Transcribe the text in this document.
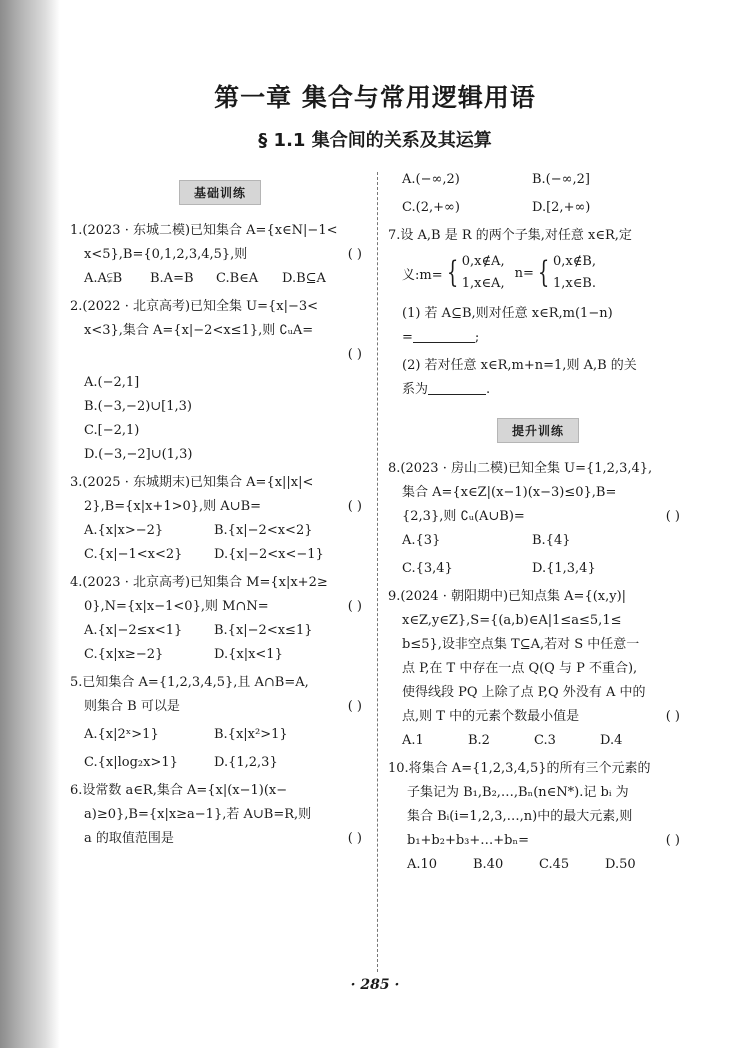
第一章 集合与常用逻辑用语
§ 1.1 集合间的关系及其运算
基础训练
1.(2023 · 东城二模)已知集合 A={x∈N|−1<
x<5},B={0,1,2,3,4,5},则	( )
A.A⫋B B.A=B C.B∈A D.B⊆A
2.(2022 · 北京高考)已知全集 U={x|−3<
x<3},集合 A={x|−2<x≤1},则 ∁ᵤA=
( )
A.(−2,1]
B.(−3,−2)∪[1,3)
C.[−2,1)
D.(−3,−2]∪(1,3)
3.(2025 · 东城期末)已知集合 A={x||x|<
2},B={x|x+1>0},则 A∪B=	( )
A.{x|x>−2}	B.{x|−2<x<2}
C.{x|−1<x<2} D.{x|−2<x<−1}
4.(2023 · 北京高考)已知集合 M={x|x+2≥
0},N={x|x−1<0},则 M∩N=	( )
A.{x|−2≤x<1} B.{x|−2<x≤1}
C.{x|x≥−2}	D.{x|x<1}
5.已知集合 A={1,2,3,4,5},且 A∩B=A,
则集合 B 可以是	( )
A.{x|2ˣ>1}	B.{x|x²>1}
C.{x|log₂x>1}	D.{1,2,3}
6.设常数 a∈R,集合 A={x|(x−1)(x−
a)≥0},B={x|x≥a−1},若 A∪B=R,则
a 的取值范围是	( )
A.(−∞,2)	B.(−∞,2]
C.(2,+∞)	D.[2,+∞)
7.设 A,B 是 R 的两个子集,对任意 x∈R,定
义:m= { 0,x∉A,
1,x∈A,
n= { 0,x∉B,
1,x∈B.
(1) 若 A⊆B,则对任意 x∈R,m(1−n)
=	;
(2) 若对任意 x∈R,m+n=1,则 A,B 的关
系为	.
提升训练
8.(2023 · 房山二模)已知全集 U={1,2,3,4},
集合 A={x∈Z|(x−1)(x−3)≤0},B=
{2,3},则 ∁ᵤ(A∪B)=	( )
A.{3}	B.{4}
C.{3,4}	D.{1,3,4}
9.(2024 · 朝阳期中)已知点集 A={(x,y)|
x∈Z,y∈Z},S={(a,b)∈A|1≤a≤5,1≤
b≤5},设非空点集 T⊆A,若对 S 中任意一
点 P,在 T 中存在一点 Q(Q 与 P 不重合),
使得线段 PQ 上除了点 P,Q 外没有 A 中的
点,则 T 中的元素个数最小值是	( )
A.1	B.2	C.3	D.4
10.将集合 A={1,2,3,4,5}的所有三个元素的
子集记为 B₁,B₂,…,Bₙ(n∈N*).记 bᵢ 为
集合 Bᵢ(i=1,2,3,…,n)中的最大元素,则
b₁+b₂+b₃+…+bₙ=	( )
A.10	B.40	C.45	D.50
· 285 ·
